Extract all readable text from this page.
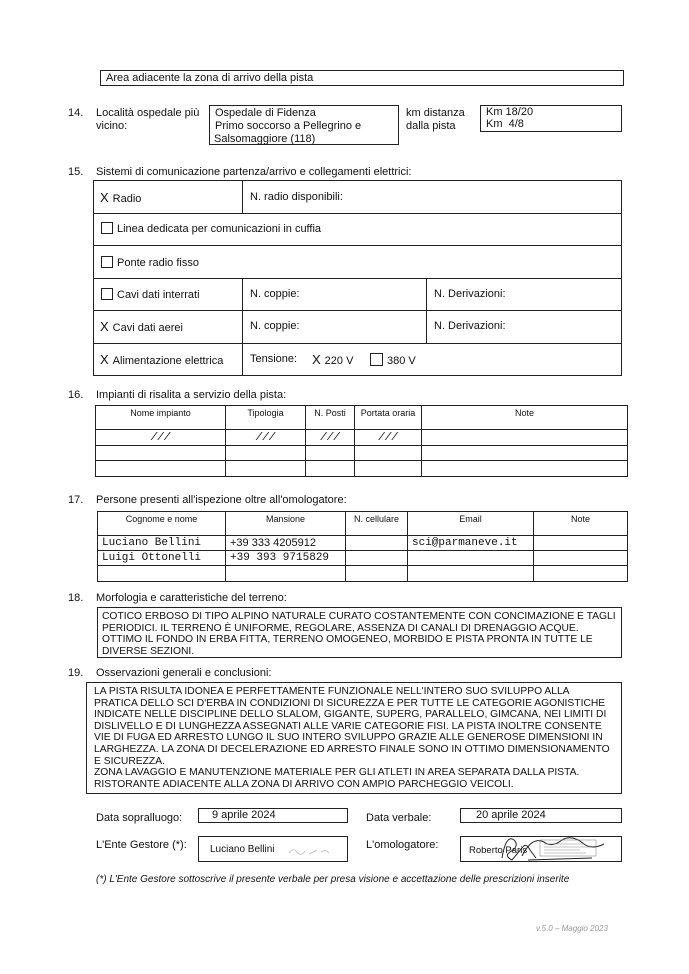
Area adiacente la zona di arrivo della pista
14. Località ospedale più
vicino:
Ospedale di Fidenza
Primo soccorso a Pellegrino e
Salsomaggiore (118)
km distanza
dalla pista
Km 18/20
Km  4/8
15. Sistemi di comunicazione partenza/arrivo e collegamenti elettrici:
X Radio	N. radio disponibili:
Linea dedicata per comunicazioni in cuffia
Ponte radio fisso
Cavi dati interrati	N. coppie:	N. Derivazioni:
X Cavi dati aerei	N. coppie:	N. Derivazioni:
X Alimentazione elettrica Tensione: X 220 V	380 V
16. Impianti di risalita a servizio della pista:
Nome impianto	Tipologia	N. Posti	Portata oraria	Note
///	///	///	///	

17. Persone presenti all'ispezione oltre all'omologatore:
Cognome e nome	Mansione	N. cellulare	Email	Note
Luciano Bellini	+39 333 4205912		sci@parmaneve.it	
Luigi Ottonelli	+39 393 9715829			

18. Morfologia e caratteristiche del terreno:
COTICO ERBOSO DI TIPO ALPINO NATURALE CURATO COSTANTEMENTE CON CONCIMAZIONE E TAGLI
PERIODICI. IL TERRENO È UNIFORME, REGOLARE, ASSENZA DI CANALI DI DRENAGGIO ACQUE.
OTTIMO IL FONDO IN ERBA FITTA, TERRENO OMOGENEO, MORBIDO E PISTA PRONTA IN TUTTE LE
DIVERSE SEZIONI.
19. Osservazioni generali e conclusioni:
LA PISTA RISULTA IDONEA E PERFETTAMENTE FUNZIONALE NELL'INTERO SUO SVILUPPO ALLA
PRATICA DELLO SCI D'ERBA IN CONDIZIONI DI SICUREZZA E PER TUTTE LE CATEGORIE AGONISTICHE
INDICATE NELLE DISCIPLINE DELLO SLALOM, GIGANTE, SUPERG, PARALLELO, GIMCANA, NEI LIMITI DI
DISLIVELLO E DI LUNGHEZZA ASSEGNATI ALLE VARIE CATEGORIE FISI. LA PISTA INOLTRE CONSENTE
VIE DI FUGA ED ARRESTO LUNGO IL SUO INTERO SVILUPPO GRAZIE ALLE GENEROSE DIMENSIONI IN
LARGHEZZA. LA ZONA DI DECELERAZIONE ED ARRESTO FINALE SONO IN OTTIMO DIMENSIONAMENTO
E SICUREZZA.
ZONA LAVAGGIO E MANUTENZIONE MATERIALE PER GLI ATLETI IN AREA SEPARATA DALLA PISTA.
RISTORANTE ADIACENTE ALLA ZONA DI ARRIVO CON AMPIO PARCHEGGIO VEICOLI.
Data sopralluogo:	9 aprile 2024	Data verbale:	20 aprile 2024
L'Ente Gestore (*): Luciano Bellini	L'omologatore:	Roberto Paris
(*) L'Ente Gestore sottoscrive il presente verbale per presa visione e accettazione delle prescrizioni inserite
v.5.0 – Maggio 2023
